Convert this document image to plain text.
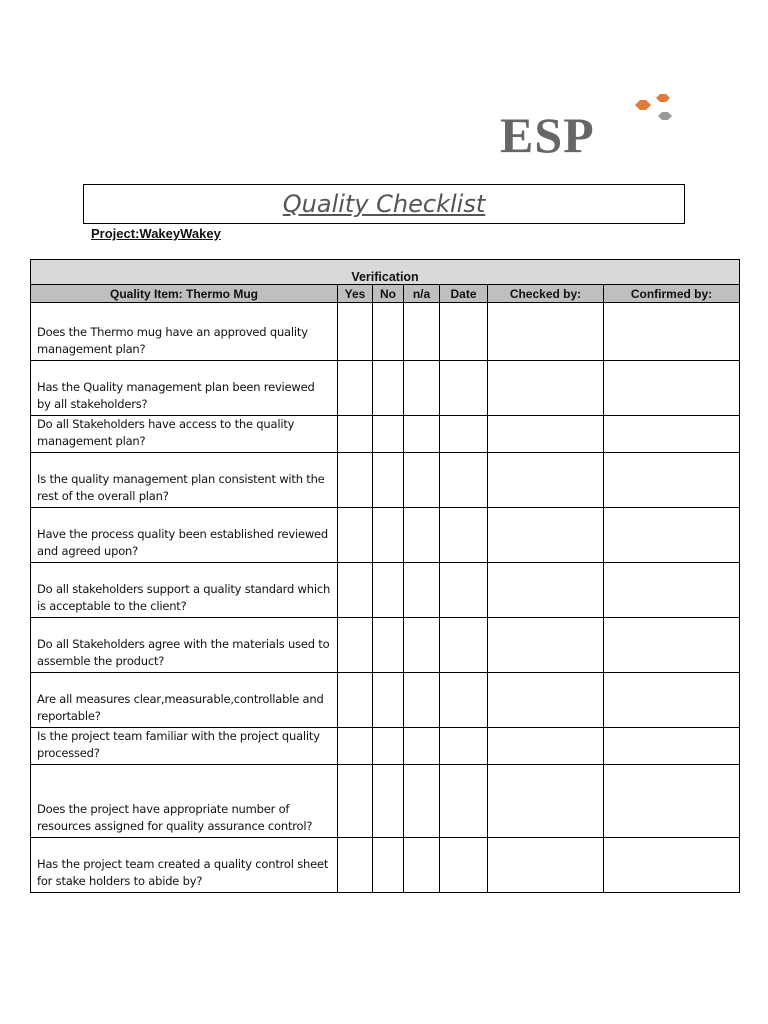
ESP
Quality Checklist
Project:WakeyWakey
Verification						
Quality Item: Thermo Mug	Yes	No	n/a	Date	Checked by:	Confirmed by:
Does the Thermo mug have an approved quality management plan?						
Has the Quality management plan been reviewed by all stakeholders?						
Do all Stakeholders have access to the quality management plan?						
Is the quality management plan consistent with the rest of the overall plan?						
Have the process quality been established reviewed and agreed upon?						
Do all stakeholders support a quality standard which is acceptable to the client?						
Do all Stakeholders agree with the materials used to assemble the product?						
Are all measures clear,measurable,controllable and reportable?						
Is the project team familiar with the project quality processed?						
Does the project have appropriate number of resources assigned for quality assurance control?						
Has the project team created a quality control sheet for stake holders to abide by?						
